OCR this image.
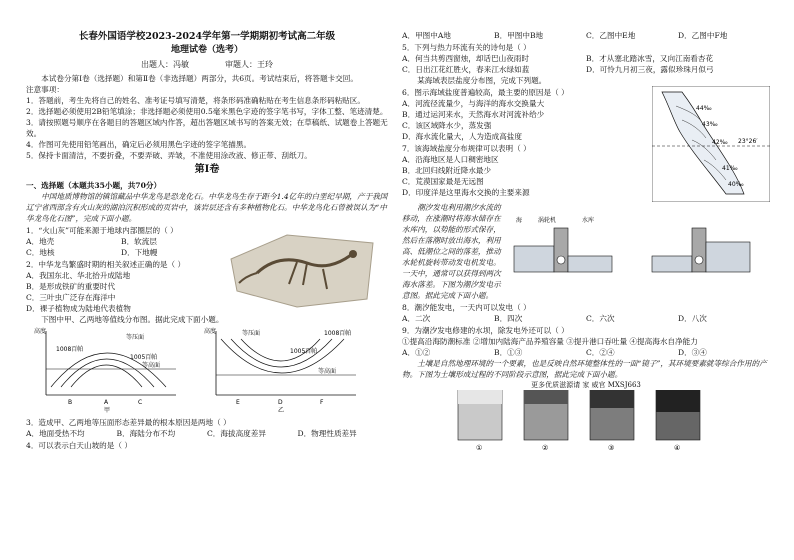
长春外国语学校2023-2024学年第一学期期初考试高二年级
地理试卷（选考）
出题人：冯敏	审题人：王玲

本试卷分第Ⅰ卷（选择题）和第Ⅱ卷（非选择题）两部分，共6页。考试结束后，将答题卡交回。

注意事项：

1．答题前，考生先将自己的姓名、准考证号填写清楚，将条形码准确粘贴在考生信息条形码粘贴区。

2．选择题必须使用2B铅笔填涂；非选择题必须使用0.5毫米黑色字迹的签字笔书写，字体工整、笔迹清楚。

3．请按照题号顺序在各题目的答题区域内作答，超出答题区域书写的答案无效；在草稿纸、试题卷上答题无效。

4．作图可先使用铅笔画出，确定后必须用黑色字迹的签字笔描黑。

5．保持卡面清洁，不要折叠，不要弄破、弄皱，不准使用涂改液、修正带、刮纸刀。

第Ⅰ卷

一、选择题（本题共35小题，共70分）

中国地质博物馆的镇馆藏品中华龙鸟是恐龙化石。中华龙鸟生存于距今1.4亿年的白垩纪早期，产于我国辽宁省西部含有火山灰的湖泊沉积形成的页岩中，该岩层还含有多种植物化石。中华龙鸟化石曾被误认为“中华龙鸟化石图”，完成下面小题。

1．“火山灰”可能来源于地球内部圈层的（ ）

A．地壳	B．软流层
C．地核	D．下地幔

2．中华龙鸟繁盛时期的相关叙述正确的是（ ）

A．我国东北、华北抬升成陆地

B．是形成铁矿的重要时代

C．三叶虫广泛存在海洋中

D．裸子植物成为陆地代表植物

下图中甲、乙两地等值线分布图。据此完成下面小题。

高度
等压面
1008百帕
1005百帕
等高面
B	A	C
甲
高度	等压面	1008百帕
1005百帕
等高面
E	D	F
乙

3．造成甲、乙两地等压面形态差异最的根本原因是两地（ ）

A．地面受热不均	B．海陆分布不均	C．海拔高度差异	D．物理性质差异

4．可以表示白天山坡的是（ ）

A．甲图中A地	B．甲图中B地	C．乙图中E地	D．乙图中F地

5．下列与热力环流有关的诗句是（ ）

A．何当共剪西窗烛，却话巴山夜雨时	B．才从塞北踏冰雪，又向江南看杏花
C．日出江花红胜火，春来江水绿如蓝	D．可怜九月初三夜，露似珍珠月似弓

某海域表层盐度分布图，完成下列题。

6．图示海域盐度普遍较高，最主要的原因是（ ）

A．河流径流量少，与海洋的海水交换量大

B．通过运河来水，天然海水对河流补给少

C．该区域降水少，蒸发强

D．海水流化量大，人为造成高盐度

7．该海域盐度分布规律可以表明（ ）

A．沿海地区是人口稠密地区

B．北回归线附近降水最少

C．荒漠国家最是无远图

D．印度洋是这里海水交换的主要来源

44‰
43‰
42‰
41‰
40‰
23°26′

潮汐发电利用潮汐水流的移动，在涨潮时将海水储存在水库内，以势能的形式保存，然后在落潮时放出海水，利用高、低潮位之间的落差，推动水轮机旋转带动发电机发电。一天中，通常可以获得到两次海水落差。下图为潮汐发电示意图。据此完成下面小题。

海	涡轮机	水库

8．潮汐能发电，一天内可以发电（ ）

A．二次	B．四次	C．六次	D．八次

9．为潮汐发电修建的水坝，除发电外还可以（ ）

①提高沿海防潮标准 ②增加内陆海产品养殖容量 ③提升港口吞吐量 ④提高海水自净能力

A．①②	B．①③	C．②④	D．③④

土壤是自然地理环境的一个要素，也是反映自然环境整体性的一面“镜子”，其环境要素就等综合作用的产物。下图为土壤形成过程的不同阶段示意图，据此完成下面小题。

更多优质滋源请 家 威官 MXSJ663

①	②	③	④
